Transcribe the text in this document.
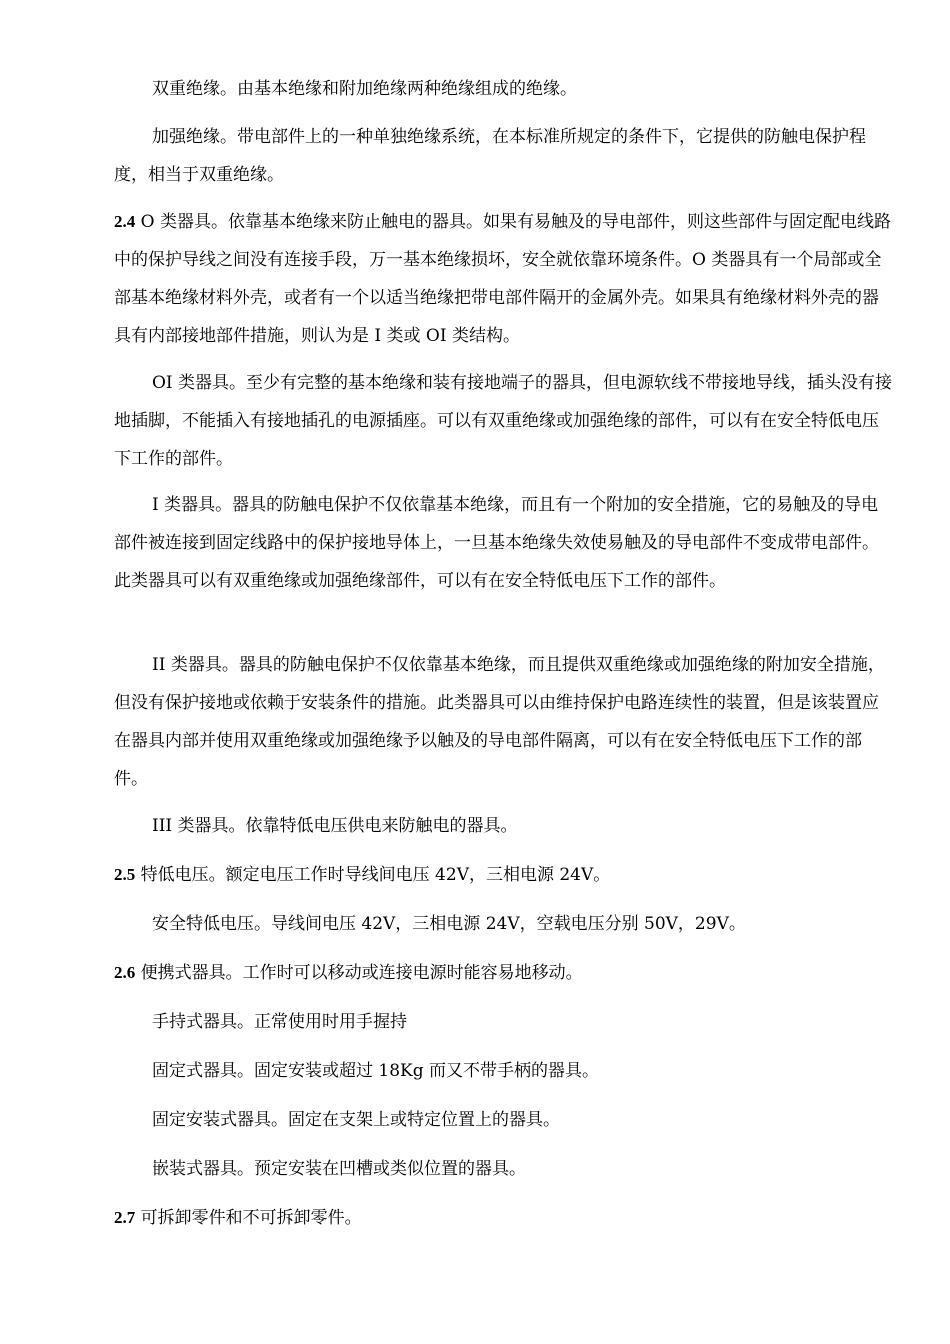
双重绝缘。由基本绝缘和附加绝缘两种绝缘组成的绝缘。

加强绝缘。带电部件上的一种单独绝缘系统，在本标准所规定的条件下，它提供的防触电保护程度，相当于双重绝缘。

2.4 O 类器具。依靠基本绝缘来防止触电的器具。如果有易触及的导电部件，则这些部件与固定配电线路中的保护导线之间没有连接手段，万一基本绝缘损坏，安全就依靠环境条件。O 类器具有一个局部或全部基本绝缘材料外壳，或者有一个以适当绝缘把带电部件隔开的金属外壳。如果具有绝缘材料外壳的器具有内部接地部件措施，则认为是 I 类或 OI 类结构。

OI 类器具。至少有完整的基本绝缘和装有接地端子的器具，但电源软线不带接地导线，插头没有接地插脚，不能插入有接地插孔的电源插座。可以有双重绝缘或加强绝缘的部件，可以有在安全特低电压下工作的部件。

I 类器具。器具的防触电保护不仅依靠基本绝缘，而且有一个附加的安全措施，它的易触及的导电部件被连接到固定线路中的保护接地导体上，一旦基本绝缘失效使易触及的导电部件不变成带电部件。此类器具可以有双重绝缘或加强绝缘部件，可以有在安全特低电压下工作的部件。

II 类器具。器具的防触电保护不仅依靠基本绝缘，而且提供双重绝缘或加强绝缘的附加安全措施，但没有保护接地或依赖于安装条件的措施。此类器具可以由维持保护电路连续性的装置，但是该装置应在器具内部并使用双重绝缘或加强绝缘予以触及的导电部件隔离，可以有在安全特低电压下工作的部件。

III 类器具。依靠特低电压供电来防触电的器具。

2.5 特低电压。额定电压工作时导线间电压 42V，三相电源 24V。

安全特低电压。导线间电压 42V，三相电源 24V，空载电压分别 50V，29V。

2.6 便携式器具。工作时可以移动或连接电源时能容易地移动。

手持式器具。正常使用时用手握持

固定式器具。固定安装或超过 18Kg 而又不带手柄的器具。

固定安装式器具。固定在支架上或特定位置上的器具。

嵌装式器具。预定安装在凹槽或类似位置的器具。

2.7 可拆卸零件和不可拆卸零件。
